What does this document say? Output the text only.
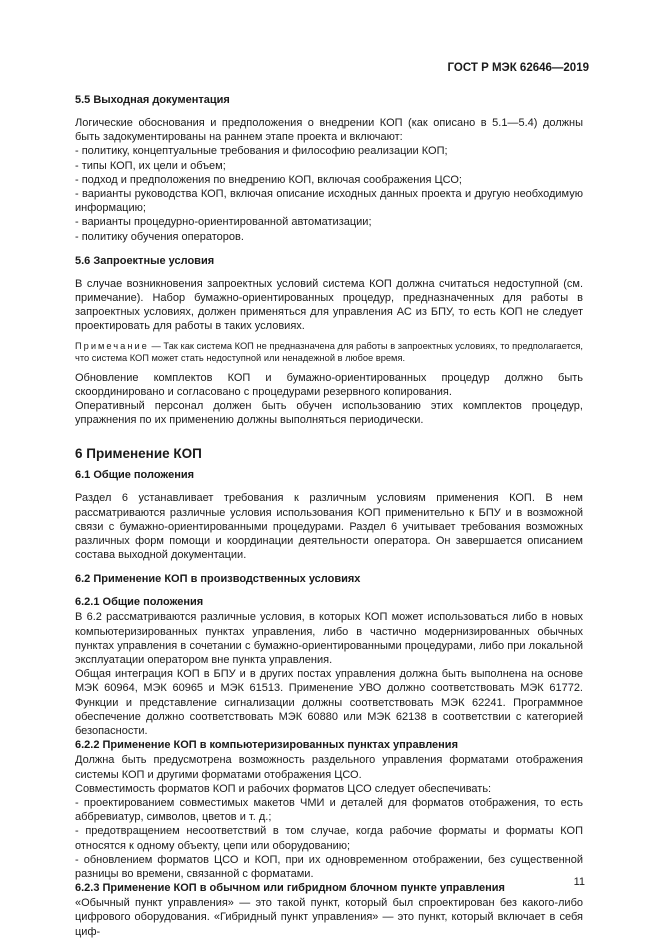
ГОСТ Р МЭК 62646—2019

5.5 Выходная документация

Логические обоснования и предположения о внедрении КОП (как описано в 5.1—5.4) должны быть задокументированы на раннем этапе проекта и включают:

- политику, концептуальные требования и философию реализации КОП;

- типы КОП, их цели и объем;

- подход и предположения по внедрению КОП, включая соображения ЦСО;

- варианты руководства КОП, включая описание исходных данных проекта и другую необходимую информацию;

- варианты процедурно-ориентированной автоматизации;

- политику обучения операторов.

5.6 Запроектные условия

В случае возникновения запроектных условий система КОП должна считаться недоступной (см. примечание). Набор бумажно-ориентированных процедур, предназначенных для работы в запроектных условиях, должен применяться для управления АС из БПУ, то есть КОП не следует проектировать для работы в таких условиях.

Примечание — Так как система КОП не предназначена для работы в запроектных условиях, то предполагается, что система КОП может стать недоступной или ненадежной в любое время.

Обновление комплектов КОП и бумажно-ориентированных процедур должно быть скоординировано и согласовано с процедурами резервного копирования.

Оперативный персонал должен быть обучен использованию этих комплектов процедур, упражнения по их применению должны выполняться периодически.

6 Применение КОП

6.1 Общие положения

Раздел 6 устанавливает требования к различным условиям применения КОП. В нем рассматриваются различные условия использования КОП применительно к БПУ и в возможной связи с бумажно-ориентированными процедурами. Раздел 6 учитывает требования возможных различных форм помощи и координации деятельности оператора. Он завершается описанием состава выходной документации.

6.2 Применение КОП в производственных условиях

6.2.1 Общие положения

В 6.2 рассматриваются различные условия, в которых КОП может использоваться либо в новых компьютеризированных пунктах управления, либо в частично модернизированных обычных пунктах управления в сочетании с бумажно-ориентированными процедурами, либо при локальной эксплуатации оператором вне пункта управления.

Общая интеграция КОП в БПУ и в других постах управления должна быть выполнена на основе МЭК 60964, МЭК 60965 и МЭК 61513. Применение УВО должно соответствовать МЭК 61772. Функции и представление сигнализации должны соответствовать МЭК 62241. Программное обеспечение должно соответствовать МЭК 60880 или МЭК 62138 в соответствии с категорией безопасности.

6.2.2 Применение КОП в компьютеризированных пунктах управления

Должна быть предусмотрена возможность раздельного управления форматами отображения системы КОП и другими форматами отображения ЦСО.

Совместимость форматов КОП и рабочих форматов ЦСО следует обеспечивать:

- проектированием совместимых макетов ЧМИ и деталей для форматов отображения, то есть аббревиатур, символов, цветов и т. д.;

- предотвращением несоответствий в том случае, когда рабочие форматы и форматы КОП относятся к одному объекту, цепи или оборудованию;

- обновлением форматов ЦСО и КОП, при их одновременном отображении, без существенной разницы во времени, связанной с форматами.

6.2.3 Применение КОП в обычном или гибридном блочном пункте управления

«Обычный пункт управления» — это такой пункт, который был спроектирован без какого-либо цифрового оборудования. «Гибридный пункт управления» — это пункт, который включает в себя циф-

11
